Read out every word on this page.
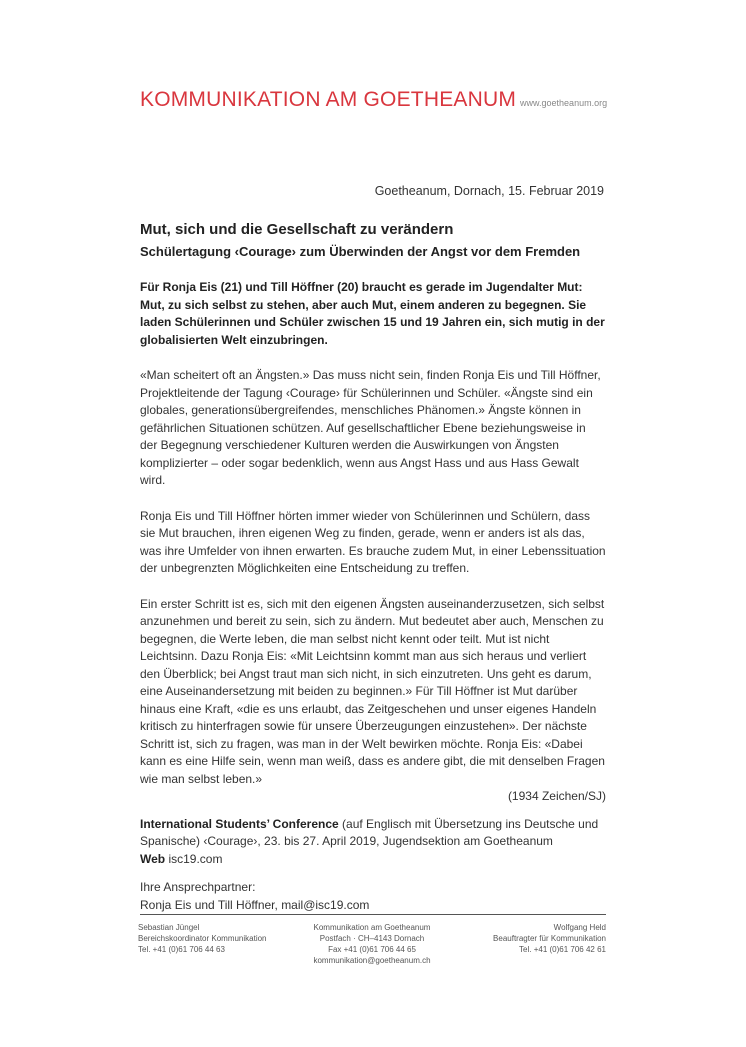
KOMMUNIKATION AM GOETHEANUM www.goetheanum.org
Goetheanum, Dornach, 15. Februar 2019
Mut, sich und die Gesellschaft zu verändern
Schülertagung ‹Courage› zum Überwinden der Angst vor dem Fremden

Für Ronja Eis (21) und Till Höffner (20) braucht es gerade im Jugendalter Mut: Mut, zu sich selbst zu stehen, aber auch Mut, einem anderen zu begegnen. Sie laden Schülerinnen und Schüler zwischen 15 und 19 Jahren ein, sich mutig in der globalisierten Welt einzubringen.

«Man scheitert oft an Ängsten.» Das muss nicht sein, finden Ronja Eis und Till Höffner, Projektleitende der Tagung ‹Courage› für Schülerinnen und Schüler. «Ängste sind ein globales, generationsübergreifendes, menschliches Phänomen.» Ängste können in gefährlichen Situationen schützen. Auf gesellschaftlicher Ebene beziehungsweise in der Begegnung verschiedener Kulturen werden die Auswirkungen von Ängsten komplizierter – oder sogar bedenklich, wenn aus Angst Hass und aus Hass Gewalt wird.

Ronja Eis und Till Höffner hörten immer wieder von Schülerinnen und Schülern, dass sie Mut brauchen, ihren eigenen Weg zu finden, gerade, wenn er anders ist als das, was ihre Umfelder von ihnen erwarten. Es brauche zudem Mut, in einer Lebenssituation der unbegrenzten Möglichkeiten eine Entscheidung zu treffen.

Ein erster Schritt ist es, sich mit den eigenen Ängsten auseinanderzusetzen, sich selbst anzunehmen und bereit zu sein, sich zu ändern. Mut bedeutet aber auch, Menschen zu begegnen, die Werte leben, die man selbst nicht kennt oder teilt. Mut ist nicht Leichtsinn. Dazu Ronja Eis: «Mit Leichtsinn kommt man aus sich heraus und verliert den Überblick; bei Angst traut man sich nicht, in sich einzutreten. Uns geht es darum, eine Auseinandersetzung mit beiden zu beginnen.» Für Till Höffner ist Mut darüber hinaus eine Kraft, «die es uns erlaubt, das Zeitgeschehen und unser eigenes Handeln kritisch zu hinterfragen sowie für unsere Überzeugungen einzustehen». Der nächste Schritt ist, sich zu fragen, was man in der Welt bewirken möchte. Ronja Eis: «Dabei kann es eine Hilfe sein, wenn man weiß, dass es andere gibt, die mit denselben Fragen wie man selbst leben.»

(1934 Zeichen/SJ)
International Students’ Conference (auf Englisch mit Übersetzung ins Deutsche und Spanische) ‹Courage›, 23. bis 27. April 2019, Jugendsektion am Goetheanum
Web isc19.com
Ihre Ansprechpartner:
Ronja Eis und Till Höffner, mail@isc19.com
Sebastian Jüngel
Bereichskoordinator Kommunikation
Tel. +41 (0)61 706 44 63
Kommunikation am Goetheanum
Postfach · CH–4143 Dornach
Fax +41 (0)61 706 44 65
kommunikation@goetheanum.ch
Wolfgang Held
Beauftragter für Kommunikation
Tel. +41 (0)61 706 42 61
